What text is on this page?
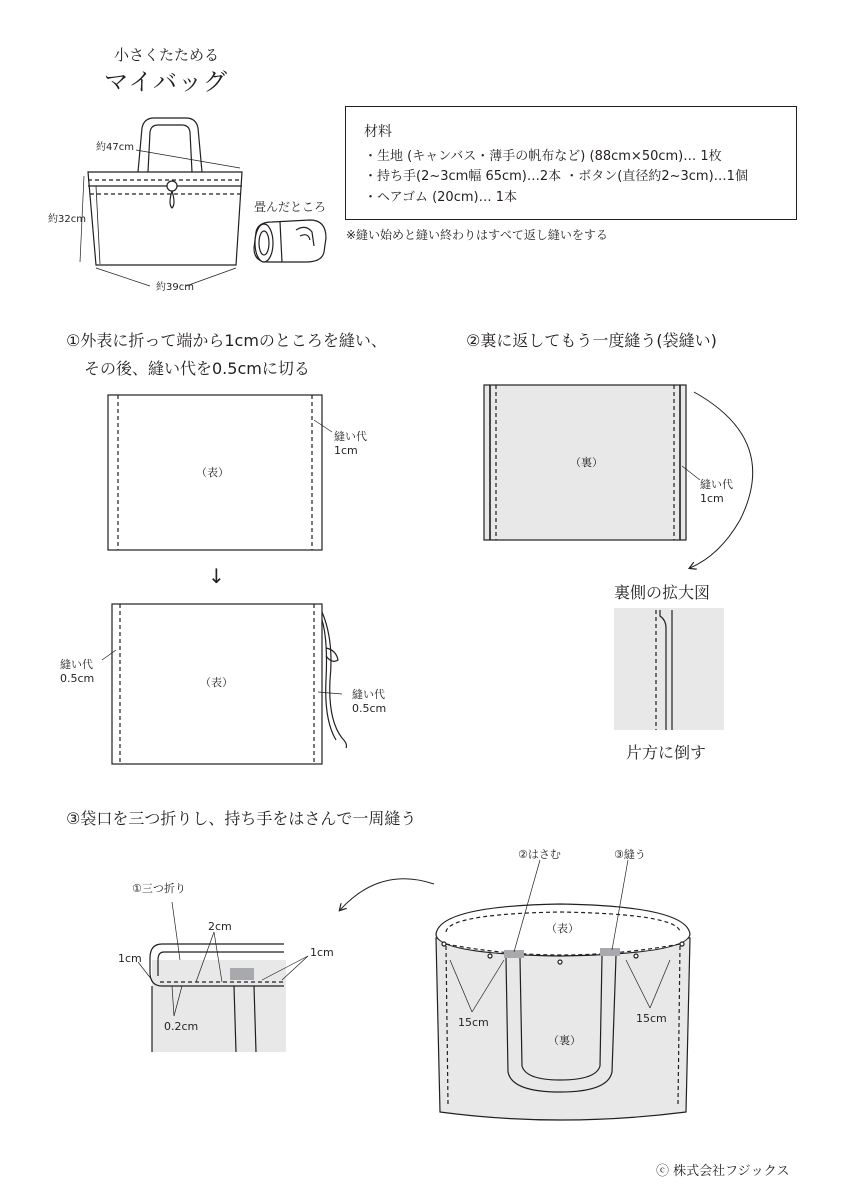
小さくたためる
マイバッグ
約47cm
約32cm
約39cm
畳んだところ
材料
・生地 (キャンバス・薄手の帆布など) (88cm×50cm)… 1枚
・持ち手(2~3cm幅 65cm)…2本 ・ボタン(直径約2~3cm)…1個
・ヘアゴム (20cm)… 1本
※縫い始めと縫い終わりはすべて返し縫いをする
①外表に折って端から1cmのところを縫い、
その後、縫い代を0.5cmに切る
（表）
縫い代
1cm
↓
（表）
縫い代
0.5cm
縫い代
0.5cm
②裏に返してもう一度縫う(袋縫い)
（裏）
縫い代
1cm
裏側の拡大図
片方に倒す
③袋口を三つ折りし、持ち手をはさんで一周縫う
①三つ折り
2cm
1cm	1cm
0.2cm
②はさむ	③縫う
（表）
（裏）
15cm	15cm
ⓒ 株式会社フジックス
